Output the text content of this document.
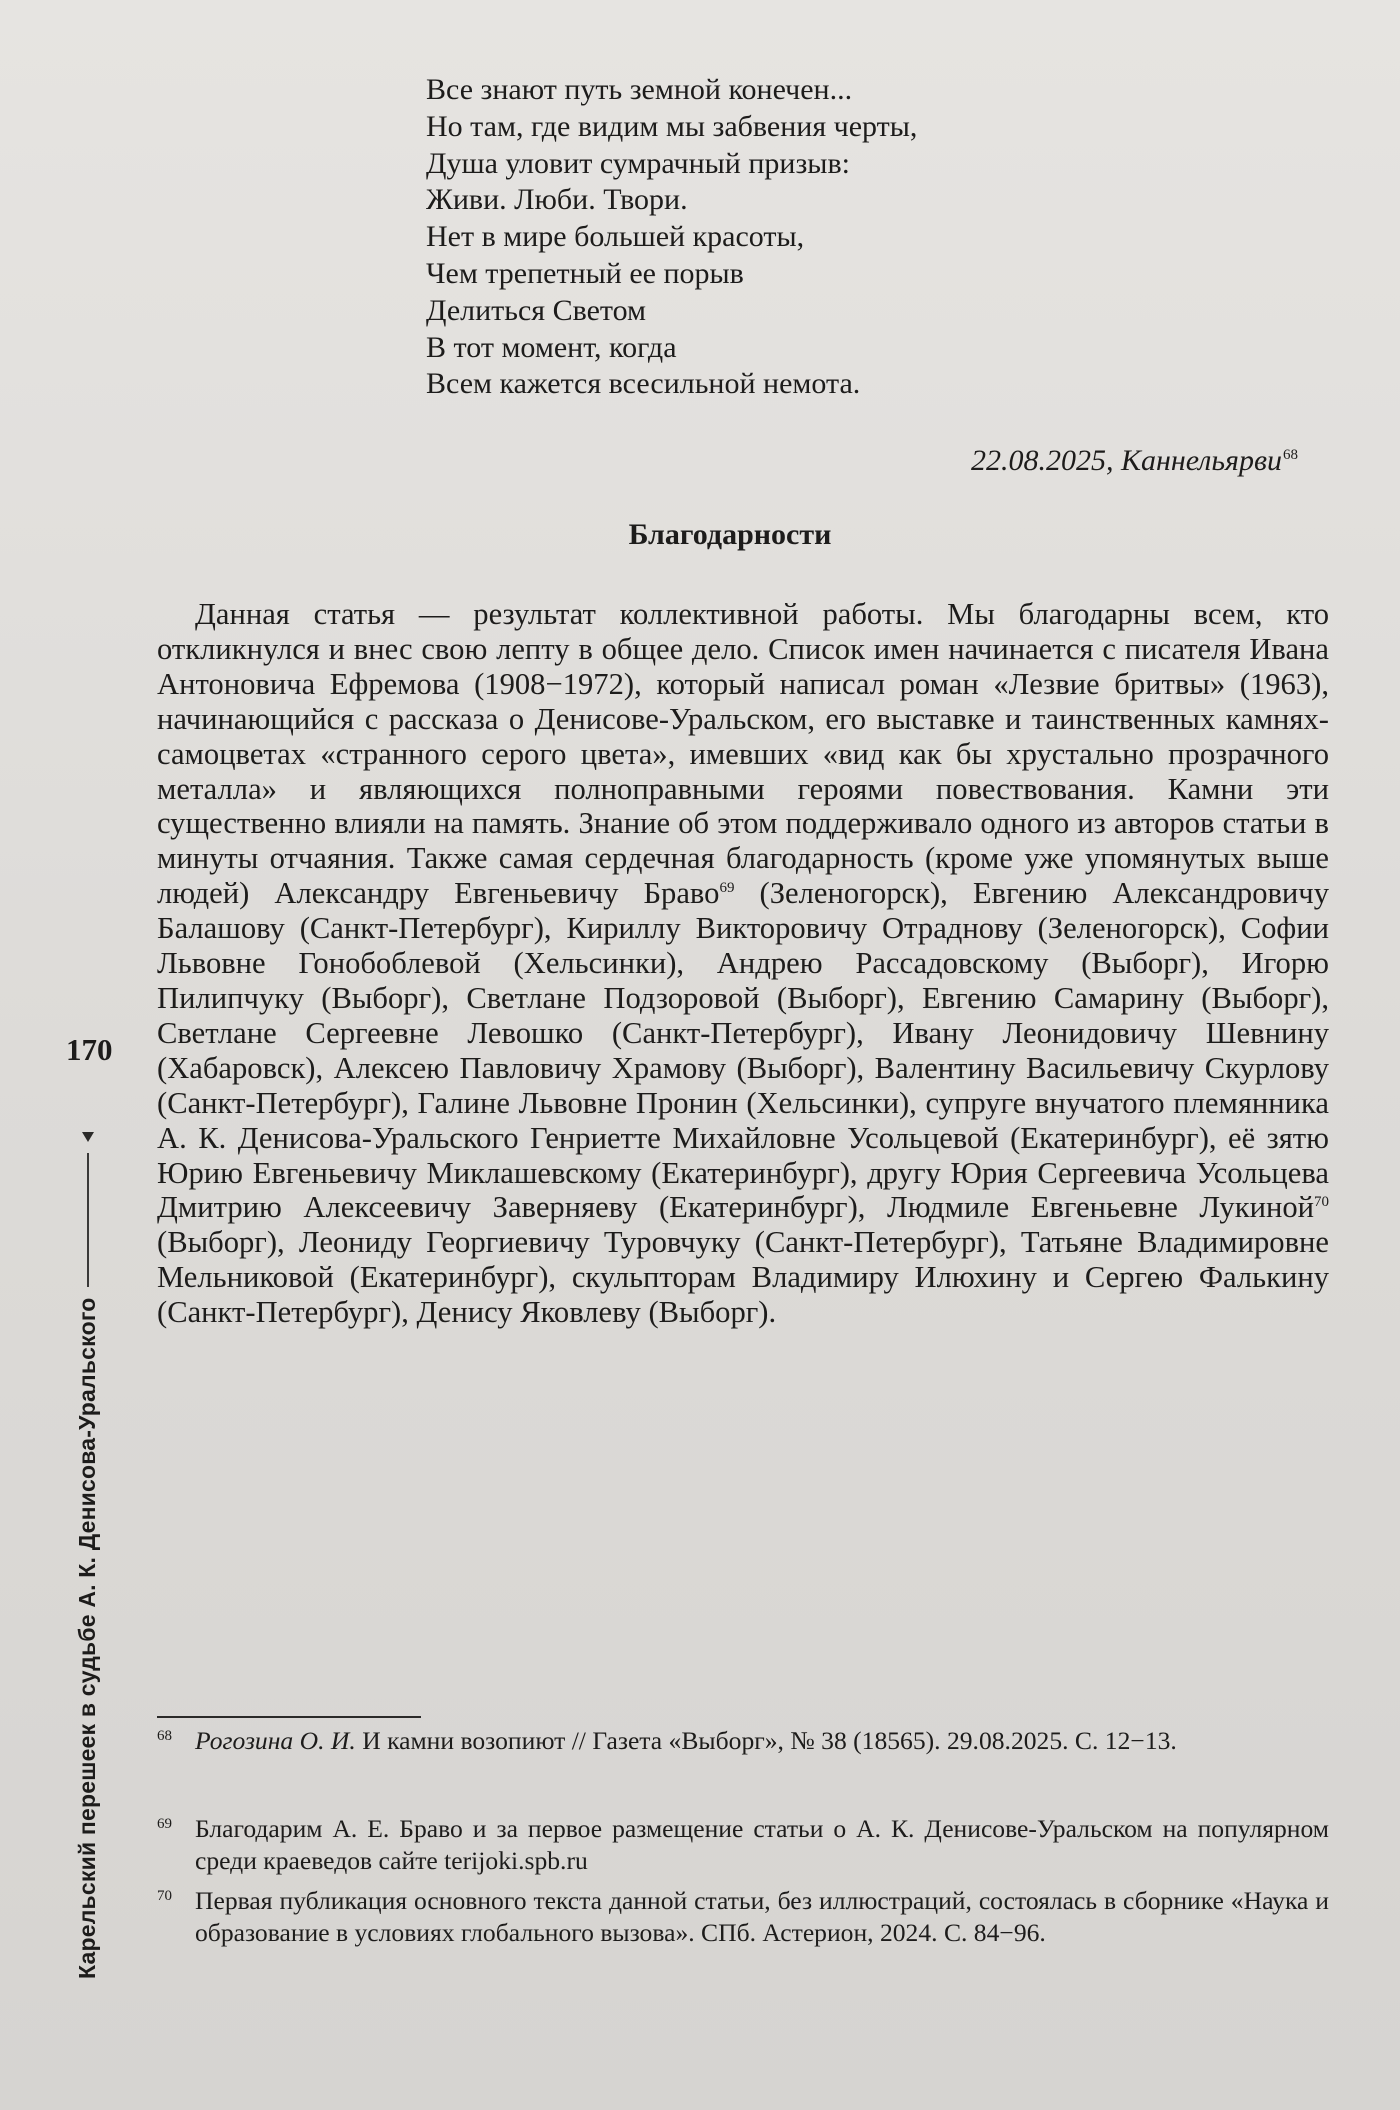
Все знают путь земной конечен...
Но там, где видим мы забвения черты,
Душа уловит сумрачный призыв:
Живи. Люби. Твори.
Нет в мире большей красоты,
Чем трепетный ее порыв
Делиться Светом
В тот момент, когда
Всем кажется всесильной немота.
22.08.2025, Каннельярви$^{68}$
Благодарности

Данная статья — результат коллективной работы. Мы благодарны всем, кто откликнулся и внес свою лепту в общее дело. Список имен начинается с писателя Ивана Антоновича Ефремова (1908−1972), который написал роман «Лезвие бритвы» (1963), начинающийся с рассказа о Денисове-Уральском, его выставке и таинственных камнях-самоцветах «странного серого цвета», имевших «вид как бы хрустально прозрачного металла» и являющихся полноправными героями повествования. Камни эти существенно влияли на память. Знание об этом поддерживало одного из авторов статьи в минуты отчаяния. Также самая сердечная благодарность (кроме уже упомянутых выше людей) Александру Евгеньевичу Браво$^{69}$ (Зеленогорск), Евгению Александровичу Балашову (Санкт-Петербург), Кириллу Викторовичу Отраднову (Зеленогорск), Софии Львовне Гонобоблевой (Хельсинки), Андрею Рассадовскому (Выборг), Игорю Пилипчуку (Выборг), Светлане Подзоровой (Выборг), Евгению Самарину (Выборг), Светлане Сергеевне Левошко (Санкт-Петербург), Ивану Леонидовичу Шевнину (Хабаровск), Алексею Павловичу Храмову (Выборг), Валентину Васильевичу Скурлову (Санкт-Петербург), Галине Львовне Пронин (Хельсинки), супруге внучатого племянника А. К. Денисова-Уральского Генриетте Михайловне Усольцевой (Екатеринбург), её зятю Юрию Евгеньевичу Миклашевскому (Екатеринбург), другу Юрия Сергеевича Усольцева Дмитрию Алексеевичу Заверняеву (Екатеринбург), Людмиле Евгеньевне Лукиной$^{70}$ (Выборг), Леониду Георгиевичу Туровчуку (Санкт-Петербург), Татьяне Владимировне Мельниковой (Екатеринбург), скульпторам Владимиру Илюхину и Сергею Фалькину (Санкт-Петербург), Денису Яковлеву (Выборг).

170
Карельский перешеек в судьбе А. К. Денисова-Уральского	68 Рогозина О. И. И камни возопиют // Газета «Выборг», № 38 (18565). 29.08.2025. С. 12−13.
69 Благодарим А. Е. Браво и за первое размещение статьи о А. К. Денисове-Уральском на популярном среди краеведов сайте terijoki.spb.ru
70 Первая публикация основного текста данной статьи, без иллюстраций, состоялась в сборнике «Наука и образование в условиях глобального вызова». СПб. Астерион, 2024. С. 84−96.
